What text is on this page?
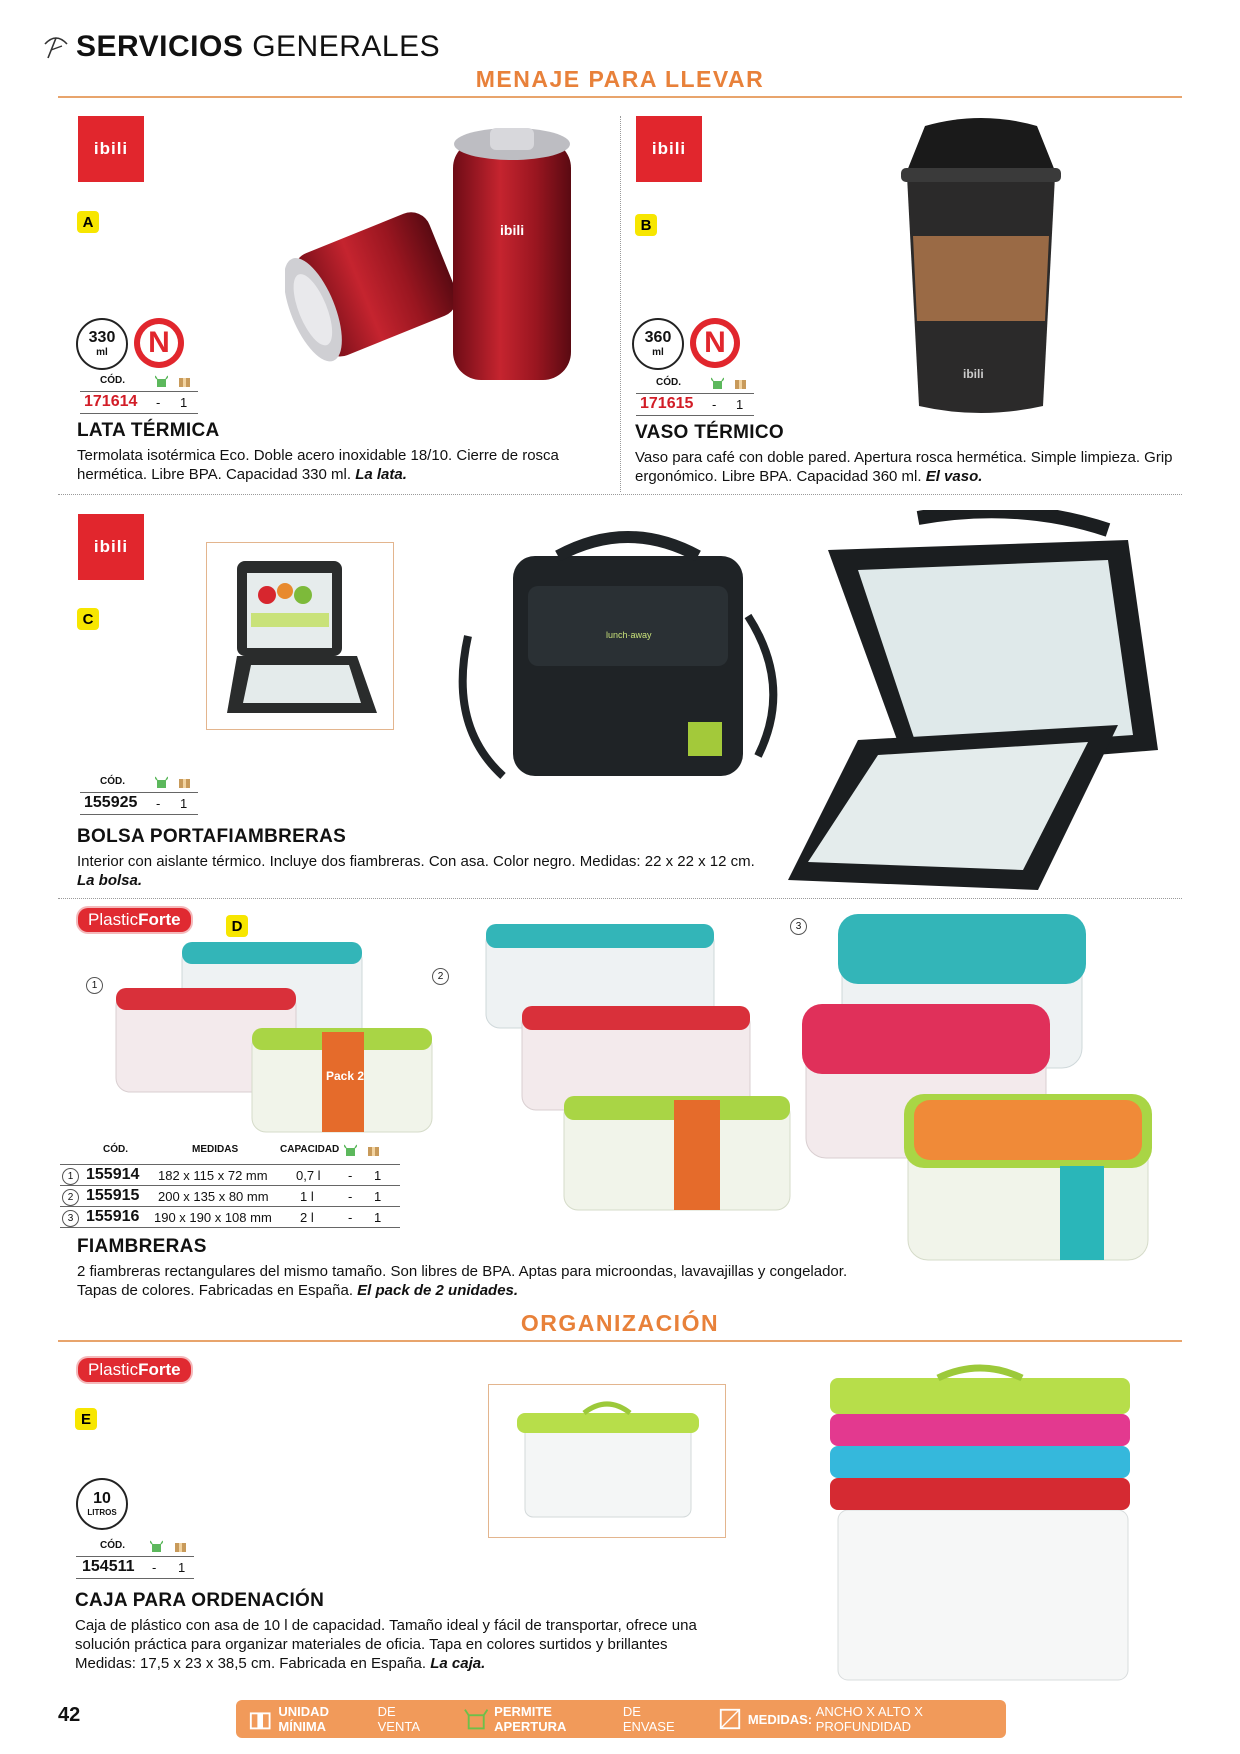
SERVICIOS GENERALES
MENAJE PARA LLEVAR
ibili
A	ibili
330
ml N
CÓD.
171614 - 1
LATA TÉRMICA
Termolata isotérmica Eco. Doble acero inoxidable 18/10. Cierre de rosca hermética. Libre BPA. Capacidad 330 ml. La lata.
ibili
B
ibili
360
ml N
CÓD.
171615 - 1
VASO TÉRMICO
Vaso para café con doble pared. Apertura rosca hermética. Simple limpieza. Grip ergonómico. Libre BPA. Capacidad 360 ml. El vaso.
ibili
C
lunch·away
CÓD.
155925 - 1
BOLSA PORTAFIAMBRERAS
Interior con aislante térmico. Incluye dos fiambreras. Con asa. Color negro. Medidas: 22 x 22 x 12 cm.
La bolsa.
PlasticForte	D
1
2
3
Pack 2
CÓD.	MEDIDAS	CAPACIDAD
1 155914 182 x 115 x 72 mm 0,7 l - 1
2 155915 200 x 135 x 80 mm 1 l	- 1
3 155916 190 x 190 x 108 mm 2 l	- 1
FIAMBRERAS
2 fiambreras rectangulares del mismo tamaño. Son libres de BPA. Aptas para microondas, lavavajillas y congelador. Tapas de colores. Fabricadas en España. El pack de 2 unidades.
ORGANIZACIÓN
PlasticForte
E
10
LITROS
CÓD.
154511 - 1
CAJA PARA ORDENACIÓN
Caja de plástico con asa de 10 l de capacidad. Tamaño ideal y fácil de transportar, ofrece una solución práctica para organizar materiales de oficia. Tapa en colores surtidos y brillantes Medidas: 17,5 x 23 x 38,5 cm. Fabricada en España. La caja.
42	UNIDAD MÍNIMA

DE VENTA
PERMITE APERTURA

DE ENVASE	MEDIDAS:
ANCHO X ALTO X PROFUNDIDAD
